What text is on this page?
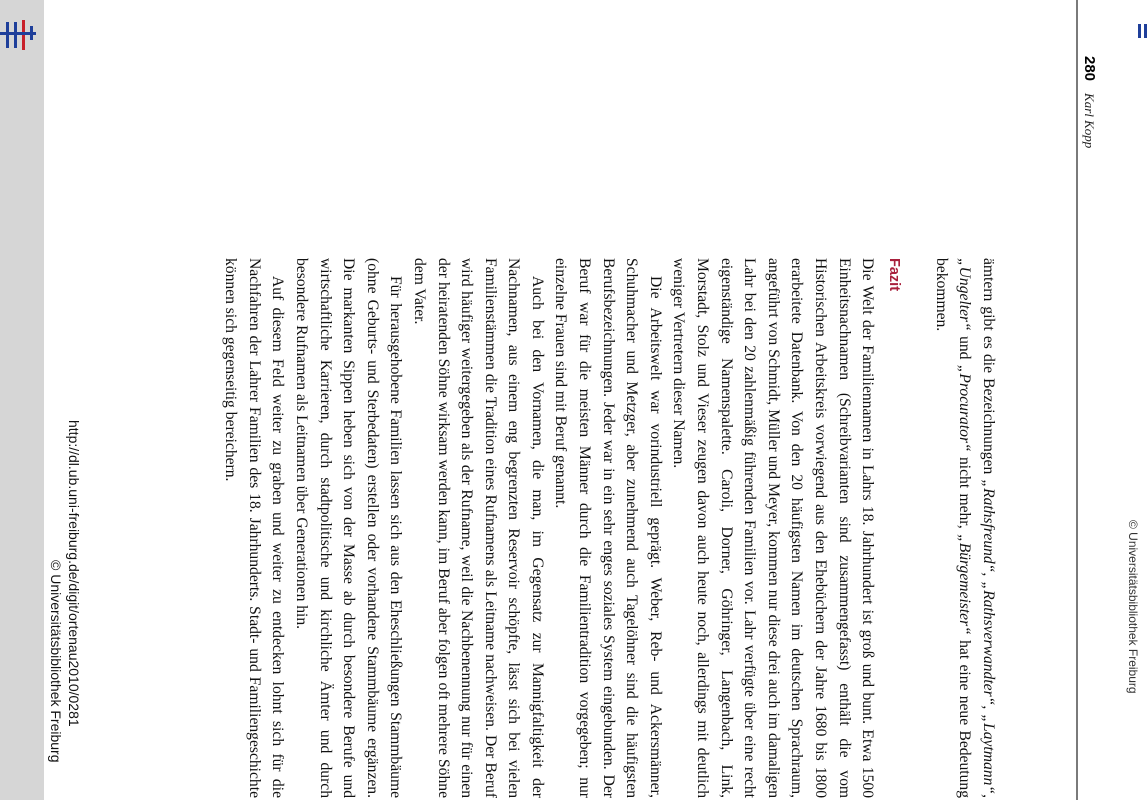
ämtern gibt es die Bezeichnungen „Rathsfreund“, „Rathsverwandter“, „Laytmann“, „Ungelter“ und „Procurator“ nicht mehr, „Bürgemeister“ hat eine neue Bedeutung bekommen.

Fazit

Die Welt der Familiennamen in Lahrs 18. Jahrhundert ist groß und bunt. Etwa 1500 Einheitsnachnamen (Schreibvarianten sind zusammengefasst) enthält die vom Historischen Arbeitskreis vorwiegend aus den Ehebüchern der Jahre 1680 bis 1800 erarbeitete Datenbank. Von den 20 häufigsten Namen im deutschen Sprachraum, angeführt von Schmidt, Müller und Meyer, kommen nur diese drei auch im damaligen Lahr bei den 20 zahlenmäßig führenden Familien vor. Lahr verfügte über eine recht eigenständige Namenspalette. Caroli, Dorner, Göhringer, Langenbach, Link, Morstadt, Stolz und Vieser zeugen davon auch heute noch, allerdings mit deutlich weniger Vertretern dieser Namen.

Die Arbeitswelt war vorindustriell geprägt. Weber, Reb- und Ackersmänner, Schuhmacher und Metzger, aber zunehmend auch Tagelöhner sind die häufigsten Berufsbezeichnungen. Jeder war in ein sehr enges soziales System eingebunden. Der Beruf war für die meisten Männer durch die Familientradition vorgegeben; nur einzelne Frauen sind mit Beruf genannt.

Auch bei den Vornamen, die man, im Gegensatz zur Mannigfaltigkeit der Nachnamen, aus einem eng begrenzten Reservoir schöpfte, lässt sich bei vielen Familienstämmen die Tradition eines Rufnamens als Leitname nachweisen. Der Beruf wird häufiger weitergegeben als der Rufname, weil die Nachbenennung nur für einen der heiratenden Söhne wirksam werden kann, im Beruf aber folgen oft mehrere Söhne dem Vater.

Für herausgehobene Familien lassen sich aus den Eheschließungen Stammbäume (ohne Geburts- und Sterbedaten) erstellen oder vorhandene Stammbäume ergänzen. Die markanten Sippen heben sich von der Masse ab durch besondere Berufe und wirtschaftliche Karrieren, durch stadtpolitische und kirchliche Ämter und durch besondere Rufnamen als Leitnamen über Generationen hin.

Auf diesem Feld weiter zu graben und weiter zu entdecken lohnt sich für die Nachfahren der Lahrer Familien des 18. Jahrhunderts. Stadt- und Familiengeschichte können sich gegenseitig bereichern.

http://dl.ub.uni-freiburg.de/digit/ortenau2010/0281
© Universitätsbibliothek Freiburg
280 Karl Kopp
© Universitätsbibliothek Freiburg
